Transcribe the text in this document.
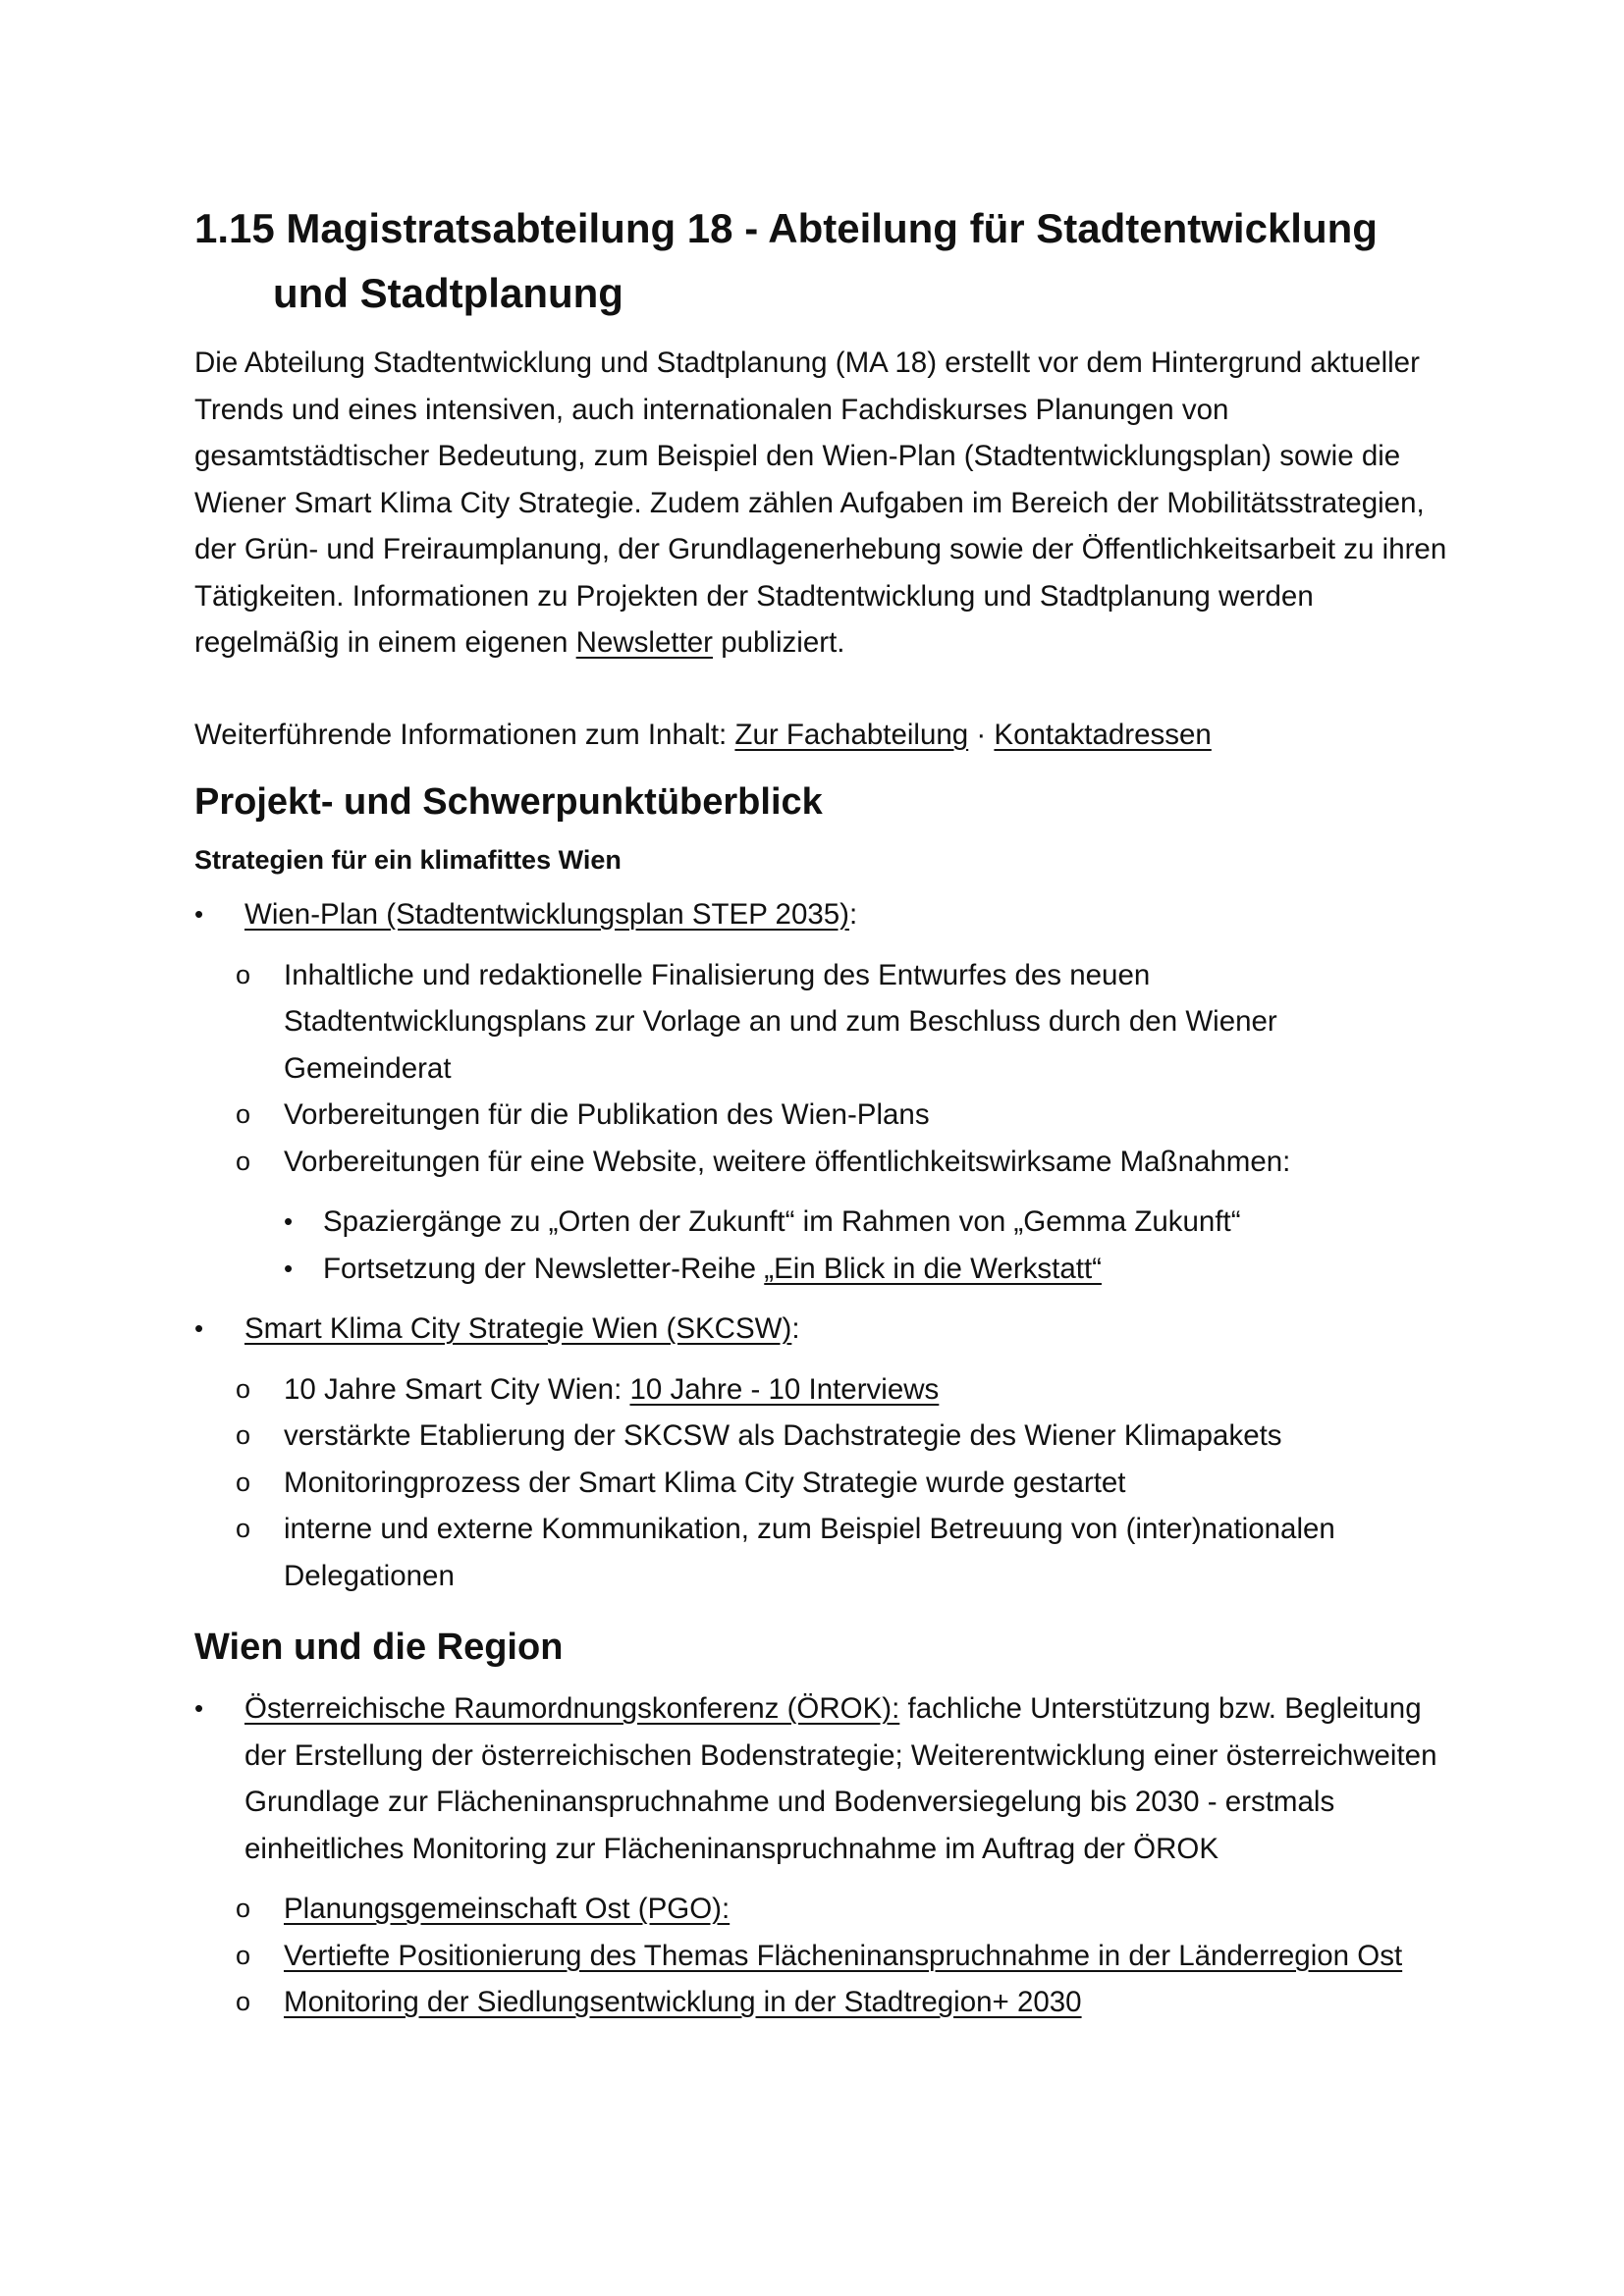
1.15 Magistratsabteilung 18 - Abteilung für Stadtentwicklung und Stadtplanung

Die Abteilung Stadtentwicklung und Stadtplanung (MA 18) erstellt vor dem Hintergrund aktueller Trends und eines intensiven, auch internationalen Fachdiskurses Planungen von gesamtstädtischer Bedeutung, zum Beispiel den Wien-Plan (Stadtentwicklungsplan) sowie die Wiener Smart Klima City Strategie. Zudem zählen Aufgaben im Bereich der Mobilitätsstrategien, der Grün- und Freiraumplanung, der Grundlagenerhebung sowie der Öffentlichkeitsarbeit zu ihren Tätigkeiten. Informationen zu Projekten der Stadtentwicklung und Stadtplanung werden regelmäßig in einem eigenen Newsletter publiziert.

Weiterführende Informationen zum Inhalt: Zur Fachabteilung · Kontaktadressen

Projekt- und Schwerpunktüberblick
Strategien für ein klimafittes Wien
•	Wien-Plan (Stadtentwicklungsplan STEP 2035):
o	Inhaltliche und redaktionelle Finalisierung des Entwurfes des neuen Stadtentwicklungsplans zur Vorlage an und zum Beschluss durch den Wiener Gemeinderat
o	Vorbereitungen für die Publikation des Wien-Plans
o	Vorbereitungen für eine Website, weitere öffentlichkeitswirksame Maßnahmen:
•	Spaziergänge zu „Orten der Zukunft“ im Rahmen von „Gemma Zukunft“
•	Fortsetzung der Newsletter-Reihe „Ein Blick in die Werkstatt“
•	Smart Klima City Strategie Wien (SKCSW):
o	10 Jahre Smart City Wien: 10 Jahre - 10 Interviews
o	verstärkte Etablierung der SKCSW als Dachstrategie des Wiener Klimapakets
o	Monitoringprozess der Smart Klima City Strategie wurde gestartet
o	interne und externe Kommunikation, zum Beispiel Betreuung von (inter)nationalen Delegationen
Wien und die Region
•	Österreichische Raumordnungskonferenz (ÖROK): fachliche Unterstützung bzw. Begleitung der Erstellung der österreichischen Bodenstrategie; Weiterentwicklung einer österreichweiten Grundlage zur Flächeninanspruchnahme und Bodenversiegelung bis 2030 - erstmals einheitliches Monitoring zur Flächeninanspruchnahme im Auftrag der ÖROK
o	Planungsgemeinschaft Ost (PGO):
o	Vertiefte Positionierung des Themas Flächeninanspruchnahme in der Länderregion Ost
o	Monitoring der Siedlungsentwicklung in der Stadtregion+ 2030
